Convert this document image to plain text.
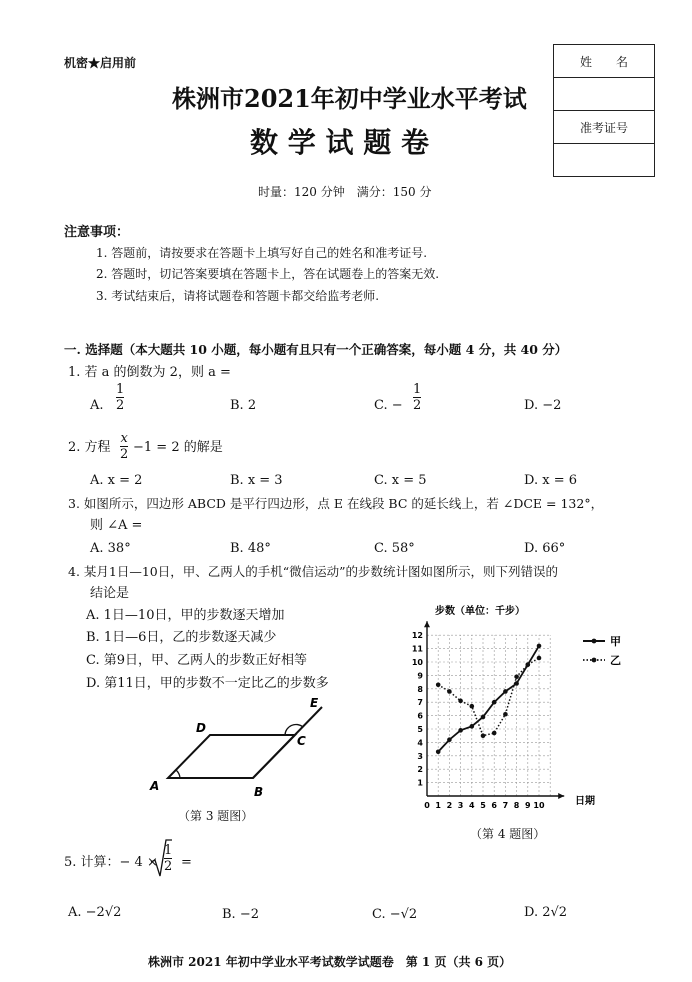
机密★启用前	姓　　名

准考证号

株洲市2021年初中学业水平考试
数 学 试 题 卷
时量：120 分钟　满分：150 分
注意事项：
1. 答题前，请按要求在答题卡上填写好自己的姓名和准考证号.
2. 答题时，切记答案要填在答题卡上，答在试题卷上的答案无效.
3. 考试结束后，请将试题卷和答题卡都交给监考老师.
一. 选择题（本大题共 10 小题，每小题有且只有一个正确答案，每小题 4 分，共 40 分）
1. 若 a 的倒数为 2，则 a =
A.
1
2	B. 2	C. −
1
2	D. −2
2. 方程
x
2 −1 = 2 的解是
A. x = 2	B. x = 3	C. x = 5	D. x = 6
3. 如图所示，四边形 ABCD 是平行四边形，点 E 在线段 BC 的延长线上，若 ∠DCE = 132°，
则 ∠A =
A. 38°	B. 48°	C. 58°	D. 66°
4. 某月1日—10日，甲、乙两人的手机“微信运动”的步数统计图如图所示，则下列错误的
结论是
A. 1日—10日，甲的步数逐天增加
B. 1日—6日，乙的步数逐天减少
C. 第9日，甲、乙两人的步数正好相等
D. 第11日，甲的步数不一定比乙的步数多
A	B
C
D
E
（第 3 题图）
0 1 2 3 4 5 6 7 8 9 10
1
2
3
4
5
6
7
8
9
10
11
12
步数（单位：千步）
日期
甲
乙
（第 4 题图）
5. 计算：− 4 ×
1
2 =
A. −2√2	B. −2	C. −√2	D. 2√2
株洲市 2021 年初中学业水平考试数学试题卷　第 1 页（共 6 页）
